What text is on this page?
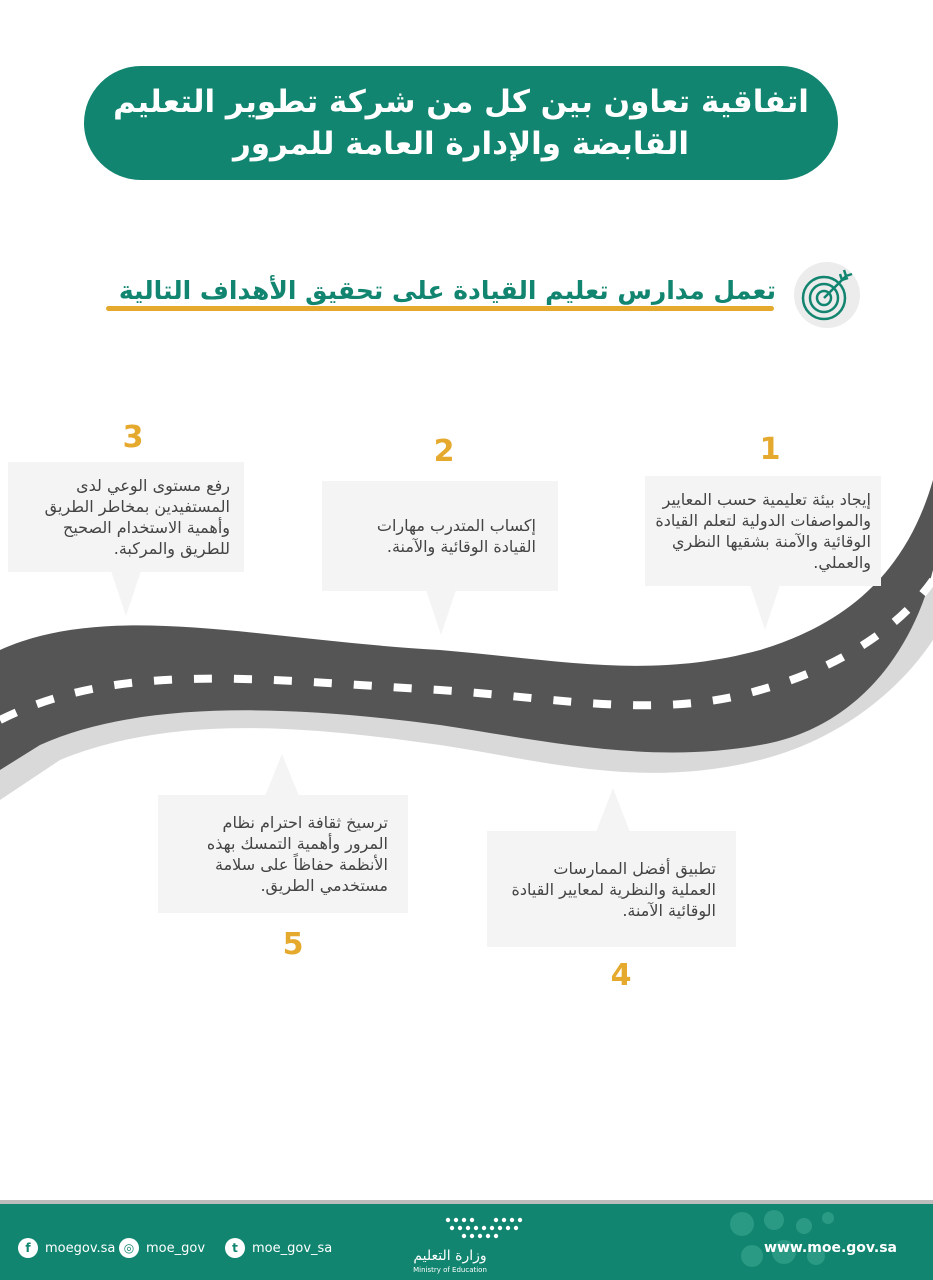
اتفاقية تعاون بين كل من شركة تطوير التعليم
القابضة والإدارة العامة للمرور
تعمل مدارس تعليم القيادة على تحقيق الأهداف التالية
1
إيجاد بيئة تعليمية حسب المعايير والمواصفات الدولية لتعلم القيادة الوقائية والآمنة بشقيها النظري والعملي.
2
إكساب المتدرب مهارات القيادة الوقائية والآمنة.
3
رفع مستوى الوعي لدى المستفيدين بمخاطر الطريق وأهمية الاستخدام الصحيح للطريق والمركبة.
ترسيخ ثقافة احترام نظام المرور وأهمية التمسك بهذه الأنظمة حفاظاً على سلامة مستخدمي الطريق.
5
تطبيق أفضل الممارسات العملية والنظرية لمعايير القيادة الوقائية الآمنة.
4
f	moegov.sa ◎ moe_gov	t	moe_gov_sa	وزارة التعليم
Ministry of Education
www.moe.gov.sa
